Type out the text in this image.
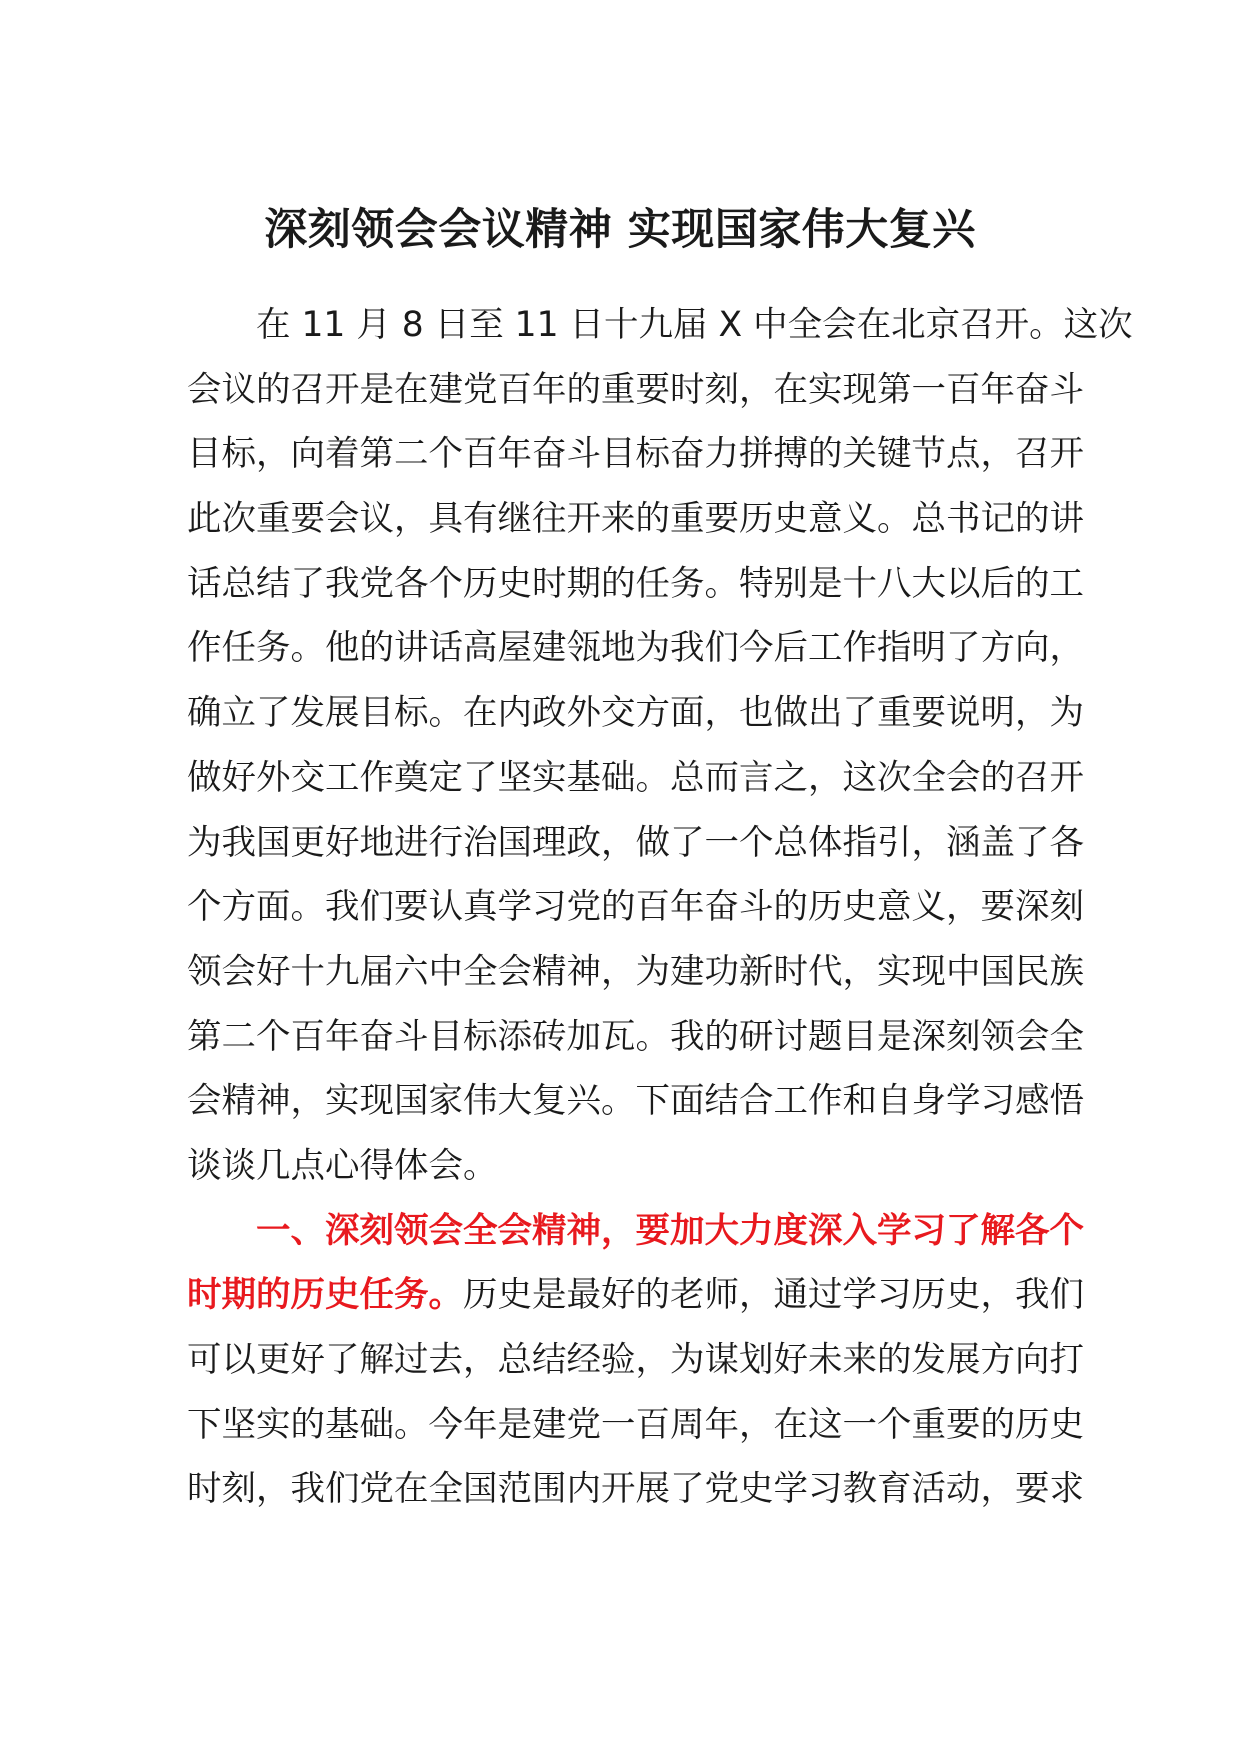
深刻领会会议精神 实现国家伟大复兴
在 11 月 8 日至 11 日十九届 X 中全会在北京召开。这次
会议的召开是在建党百年的重要时刻，在实现第一百年奋斗
目标，向着第二个百年奋斗目标奋力拼搏的关键节点，召开
此次重要会议，具有继往开来的重要历史意义。总书记的讲
话总结了我党各个历史时期的任务。特别是十八大以后的工
作任务。他的讲话高屋建瓴地为我们今后工作指明了方向，
确立了发展目标。在内政外交方面，也做出了重要说明，为
做好外交工作奠定了坚实基础。总而言之，这次全会的召开
为我国更好地进行治国理政，做了一个总体指引，涵盖了各
个方面。我们要认真学习党的百年奋斗的历史意义，要深刻
领会好十九届六中全会精神，为建功新时代，实现中国民族
第二个百年奋斗目标添砖加瓦。我的研讨题目是深刻领会全
会精神，实现国家伟大复兴。下面结合工作和自身学习感悟
谈谈几点心得体会。
一、深刻领会全会精神，要加大力度深入学习了解各个
时期的历史任务。历史是最好的老师，通过学习历史，我们
可以更好了解过去，总结经验，为谋划好未来的发展方向打
下坚实的基础。今年是建党一百周年，在这一个重要的历史
时刻，我们党在全国范围内开展了党史学习教育活动，要求
